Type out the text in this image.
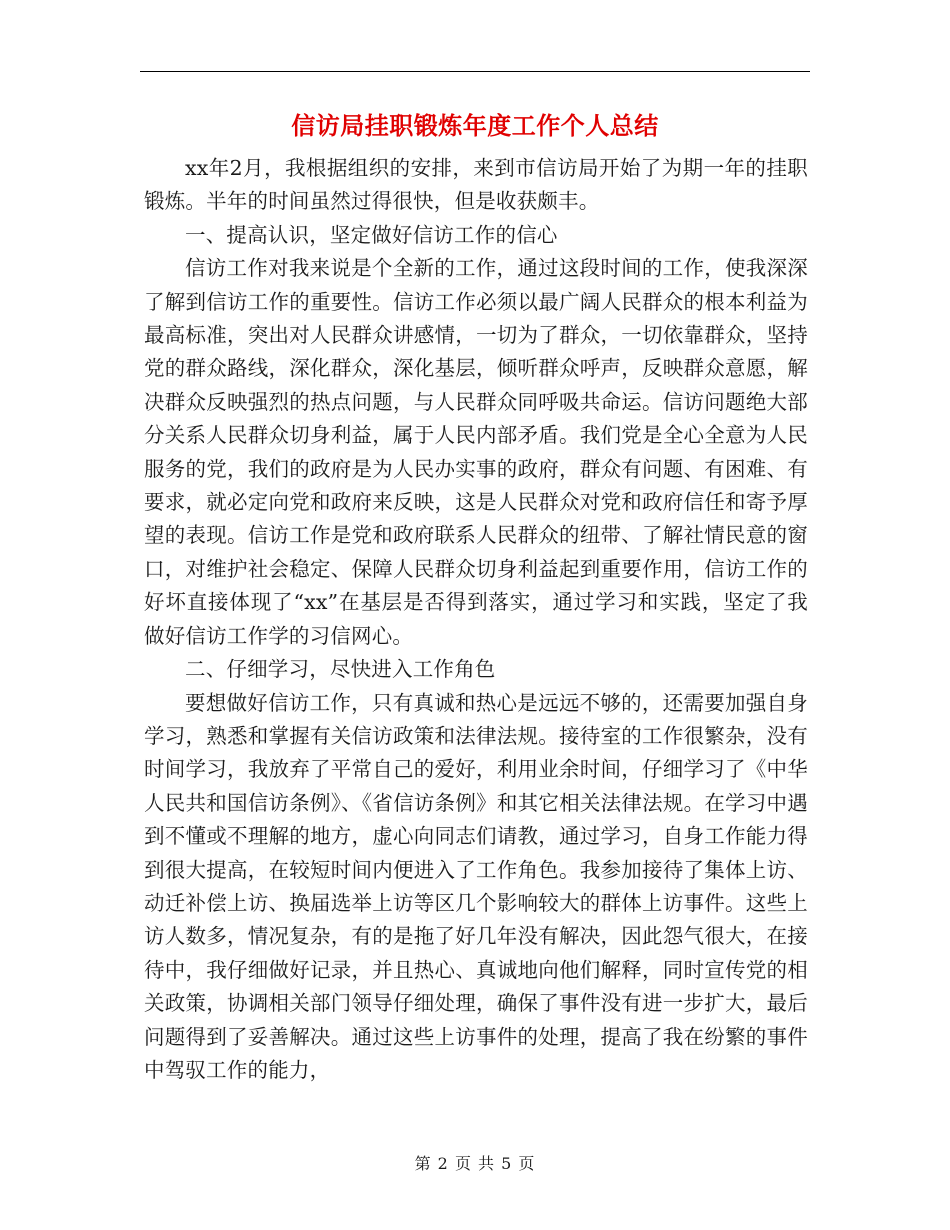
信访局挂职锻炼年度工作个人总结

xx年2月，我根据组织的安排，来到市信访局开始了为期一年的挂职锻炼。半年的时间虽然过得很快，但是收获颇丰。

一、提高认识，坚定做好信访工作的信心

信访工作对我来说是个全新的工作，通过这段时间的工作，使我深深了解到信访工作的重要性。信访工作必须以最广阔人民群众的根本利益为最高标准，突出对人民群众讲感情，一切为了群众，一切依靠群众，坚持党的群众路线，深化群众，深化基层，倾听群众呼声，反映群众意愿，解决群众反映强烈的热点问题，与人民群众同呼吸共命运。信访问题绝大部分关系人民群众切身利益，属于人民内部矛盾。我们党是全心全意为人民服务的党，我们的政府是为人民办实事的政府，群众有问题、有困难、有要求，就必定向党和政府来反映，这是人民群众对党和政府信任和寄予厚望的表现。信访工作是党和政府联系人民群众的纽带、了解社情民意的窗口，对维护社会稳定、保障人民群众切身利益起到重要作用，信访工作的好坏直接体现了“xx”在基层是否得到落实，通过学习和实践，坚定了我做好信访工作学的习信网心。

二、仔细学习，尽快进入工作角色

要想做好信访工作，只有真诚和热心是远远不够的，还需要加强自身学习，熟悉和掌握有关信访政策和法律法规。接待室的工作很繁杂，没有时间学习，我放弃了平常自己的爱好，利用业余时间，仔细学习了《中华人民共和国信访条例》、《省信访条例》和其它相关法律法规。在学习中遇到不懂或不理解的地方，虚心向同志们请教，通过学习，自身工作能力得到很大提高，在较短时间内便进入了工作角色。我参加接待了集体上访、动迁补偿上访、换届选举上访等区几个影响较大的群体上访事件。这些上访人数多，情况复杂，有的是拖了好几年没有解决，因此怨气很大，在接待中，我仔细做好记录，并且热心、真诚地向他们解释，同时宣传党的相关政策，协调相关部门领导仔细处理，确保了事件没有进一步扩大，最后问题得到了妥善解决。通过这些上访事件的处理，提高了我在纷繁的事件中驾驭工作的能力，

第 2 页 共 5 页
